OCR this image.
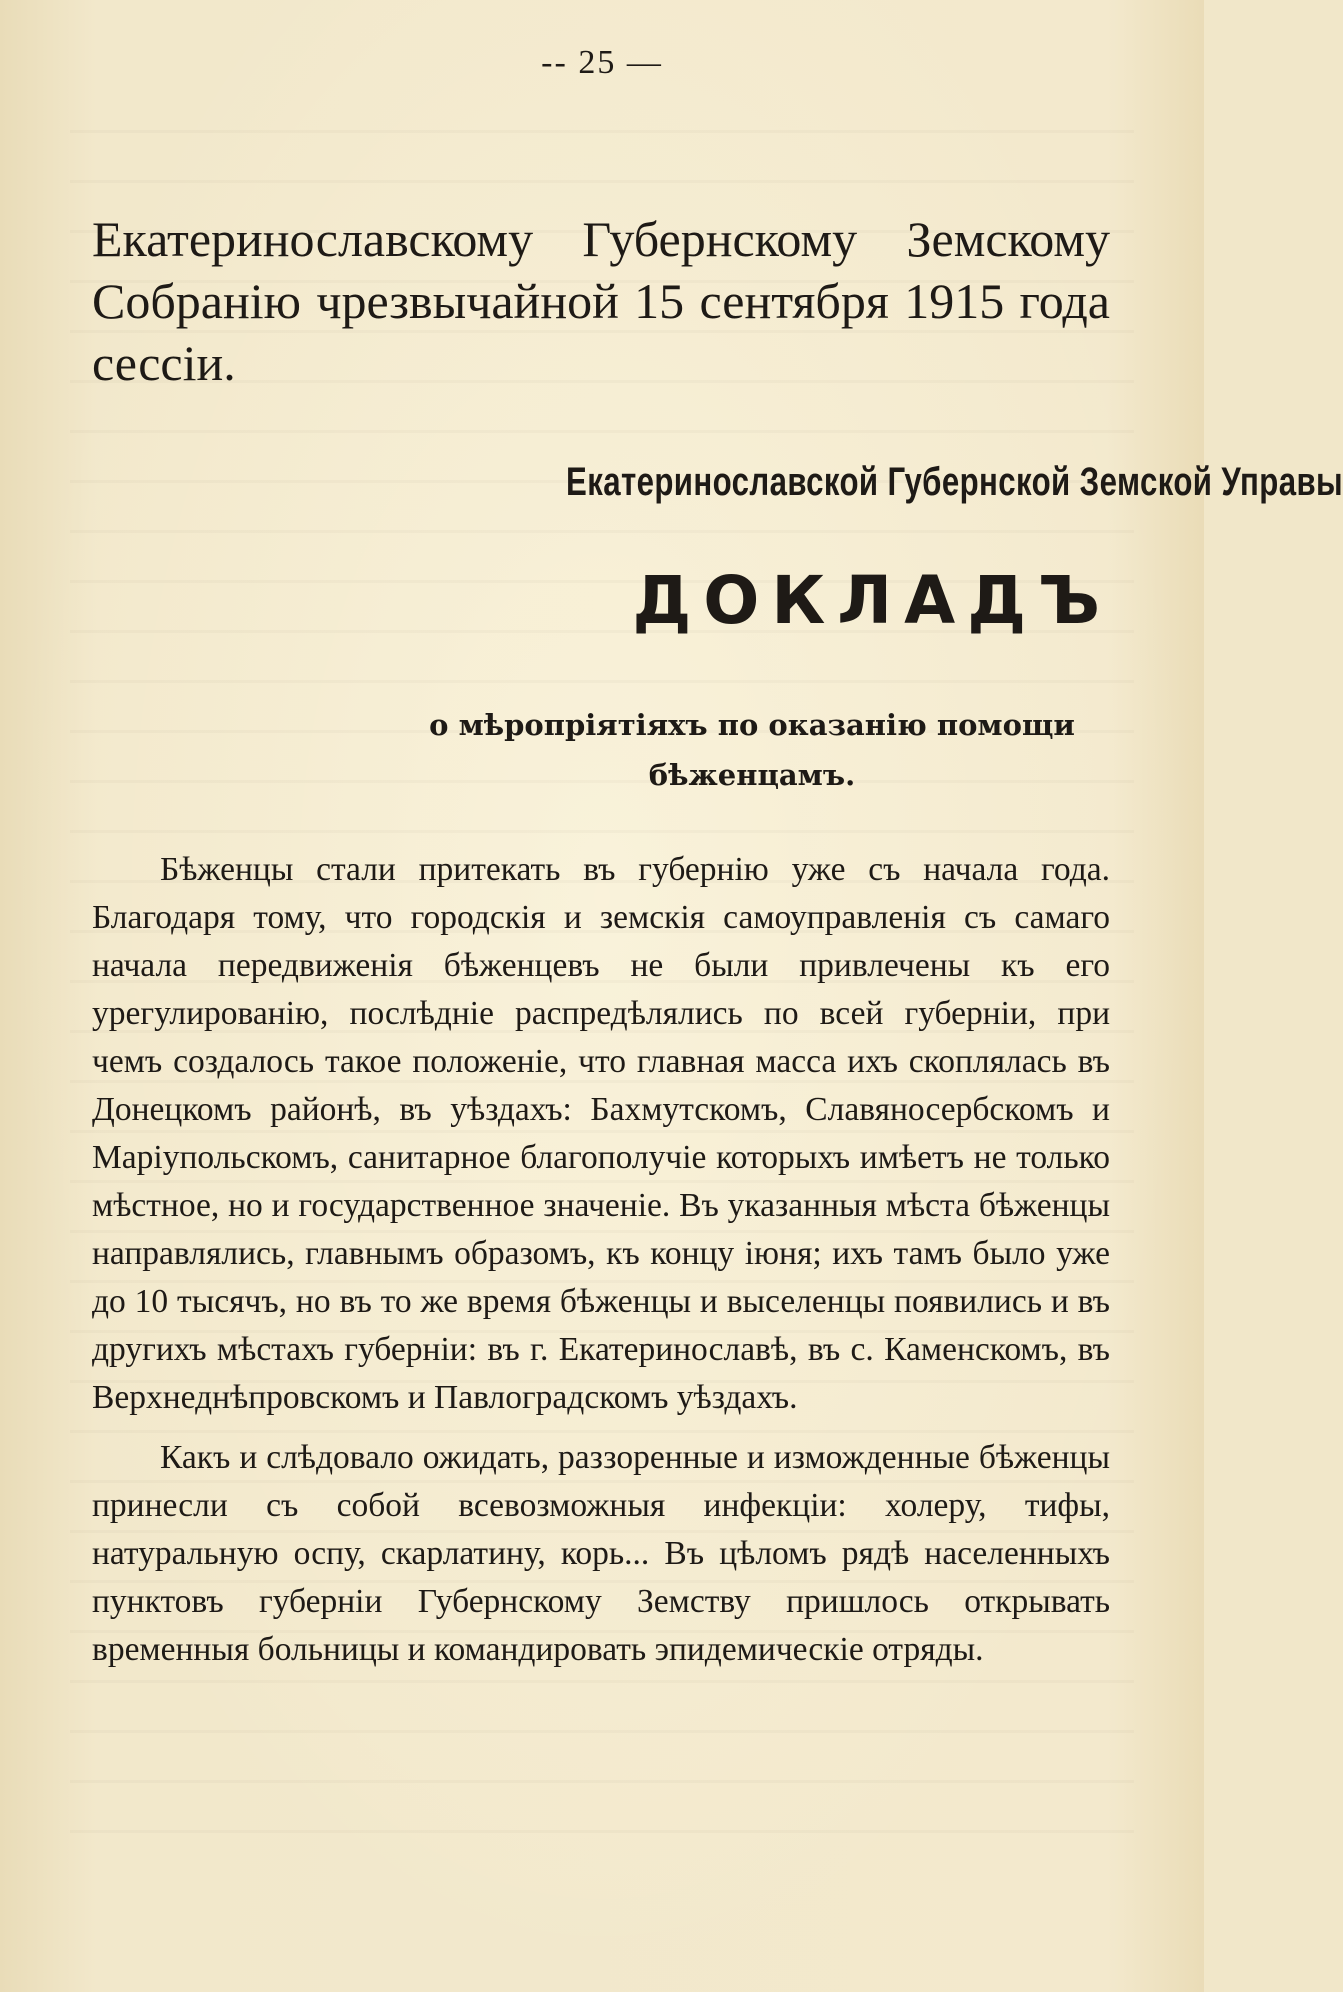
-- 25 —
Екатеринославскому Губернскому Земскому Собранію чрезвычайной 15 сентября 1915 года сессіи.
Екатеринославской Губернской Земской Управы
ДОКЛАДЪ
о мѣропріятіяхъ по оказанію помощи бѣженцамъ.

Бѣженцы стали притекать въ губернію уже съ начала года. Благодаря тому, что городскія и земскія самоуправленія съ самаго начала передвиженія бѣженцевъ не были привлечены къ его урегулированію, послѣдніе распредѣлялись по всей губерніи, при чемъ создалось такое положеніе, что главная масса ихъ скоплялась въ Донецкомъ районѣ, въ уѣздахъ: Бахмутскомъ, Славяносербскомъ и Маріупольскомъ, санитарное благополучіе которыхъ имѣетъ не только мѣстное, но и государственное значеніе. Въ указанныя мѣста бѣженцы направлялись, главнымъ образомъ, къ концу іюня; ихъ тамъ было уже до 10 тысячъ, но въ то же время бѣженцы и выселенцы появились и въ другихъ мѣстахъ губерніи: въ г. Екатеринославѣ, въ с. Каменскомъ, въ Верхнеднѣпровскомъ и Павлоградскомъ уѣздахъ.

Какъ и слѣдовало ожидать, раззоренные и изможденные бѣженцы принесли съ собой всевозможныя инфекціи: холеру, тифы, натуральную оспу, скарлатину, корь... Въ цѣломъ рядѣ населенныхъ пунктовъ губерніи Губернскому Земству пришлось открывать временныя больницы и командировать эпидемическіе отряды.
